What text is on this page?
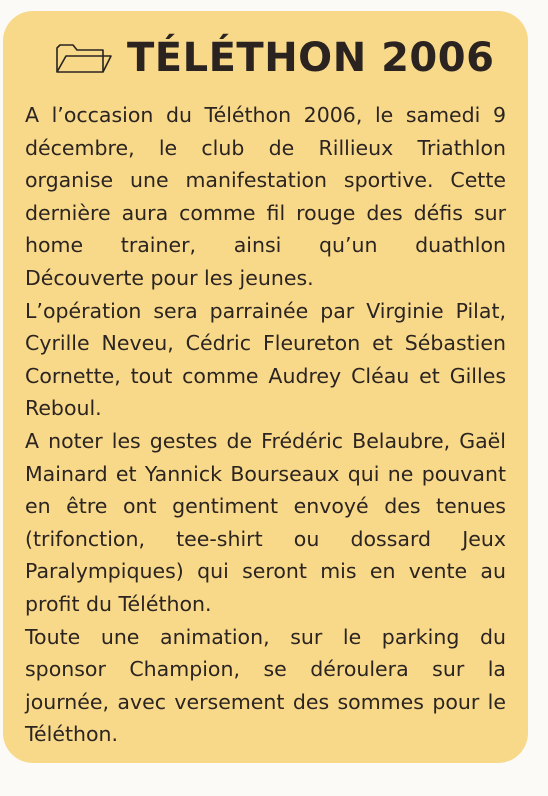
TÉLÉTHON 2006

A l’occasion du Téléthon 2006, le samedi 9 décembre, le club de Rillieux Triathlon organise une manifestation sportive. Cette dernière aura comme fil rouge des défis sur home trainer, ainsi qu’un duathlon Découverte pour les jeunes.

L’opération sera parrainée par Virginie Pilat, Cyrille Neveu, Cédric Fleureton et Sébastien Cornette, tout comme Audrey Cléau et Gilles Reboul.

A noter les gestes de Frédéric Belaubre, Gaël Mainard et Yannick Bourseaux qui ne pouvant en être ont gentiment envoyé des tenues (trifonction, tee-shirt ou dossard Jeux Paralympiques) qui seront mis en vente au profit du Téléthon.

Toute une animation, sur le parking du sponsor Champion, se déroulera sur la journée, avec versement des sommes pour le Téléthon.
